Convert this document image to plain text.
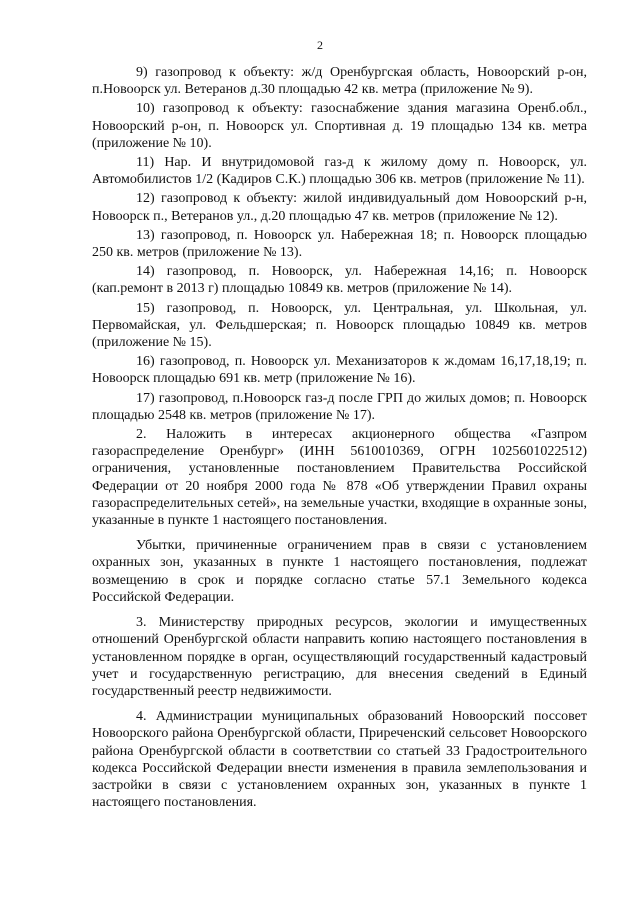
2

9) газопровод к объекту: ж/д Оренбургская область, Новоорский р-он, п.Новоорск ул. Ветеранов д.30 площадью 42 кв. метра (приложение № 9).

10) газопровод к объекту: газоснабжение здания магазина Оренб.обл., Новоорский р-он, п. Новоорск ул. Спортивная д. 19 площадью 134 кв. метра (приложение № 10).

11) Нар. И внутридомовой газ-д к жилому дому п. Новоорск, ул. Автомобилистов 1/2 (Кадиров С.К.) площадью 306 кв. метров (приложение № 11).

12) газопровод к объекту: жилой индивидуальный дом Новоорский р-н, Новоорск п., Ветеранов ул., д.20 площадью 47 кв. метров (приложение № 12).

13) газопровод, п. Новоорск ул. Набережная 18; п. Новоорск площадью 250 кв. метров (приложение № 13).

14) газопровод, п. Новоорск, ул. Набережная 14,16; п. Новоорск (кап.ремонт в 2013 г) площадью 10849 кв. метров (приложение № 14).

15) газопровод, п. Новоорск, ул. Центральная, ул. Школьная, ул. Первомайская, ул. Фельдшерская; п. Новоорск площадью 10849 кв. метров (приложение № 15).

16) газопровод, п. Новоорск ул. Механизаторов к ж.домам 16,17,18,19; п. Новоорск площадью 691 кв. метр (приложение № 16).

17) газопровод, п.Новоорск газ-д после ГРП до жилых домов; п. Новоорск площадью 2548 кв. метров (приложение № 17).

2. Наложить в интересах акционерного общества «Газпром газораспределение Оренбург» (ИНН 5610010369, ОГРН 1025601022512) ограничения, установленные постановлением Правительства Российской Федерации от 20 ноября 2000 года № 878 «Об утверждении Правил охраны газораспределительных сетей», на земельные участки, входящие в охранные зоны, указанные в пункте 1 настоящего постановления.

Убытки, причиненные ограничением прав в связи с установлением охранных зон, указанных в пункте 1 настоящего постановления, подлежат возмещению в срок и порядке согласно статье 57.1 Земельного кодекса Российской Федерации.

3. Министерству природных ресурсов, экологии и имущественных отношений Оренбургской области направить копию настоящего постановления в установленном порядке в орган, осуществляющий государственный кадастровый учет и государственную регистрацию, для внесения сведений в Единый государственный реестр недвижимости.

4. Администрации муниципальных образований Новоорский поссовет Новоорского района Оренбургской области, Приреченский сельсовет Новоорского района Оренбургской области в соответствии со статьей 33 Градостроительного кодекса Российской Федерации внести изменения в правила землепользования и застройки в связи с установлением охранных зон, указанных в пункте 1 настоящего постановления.
